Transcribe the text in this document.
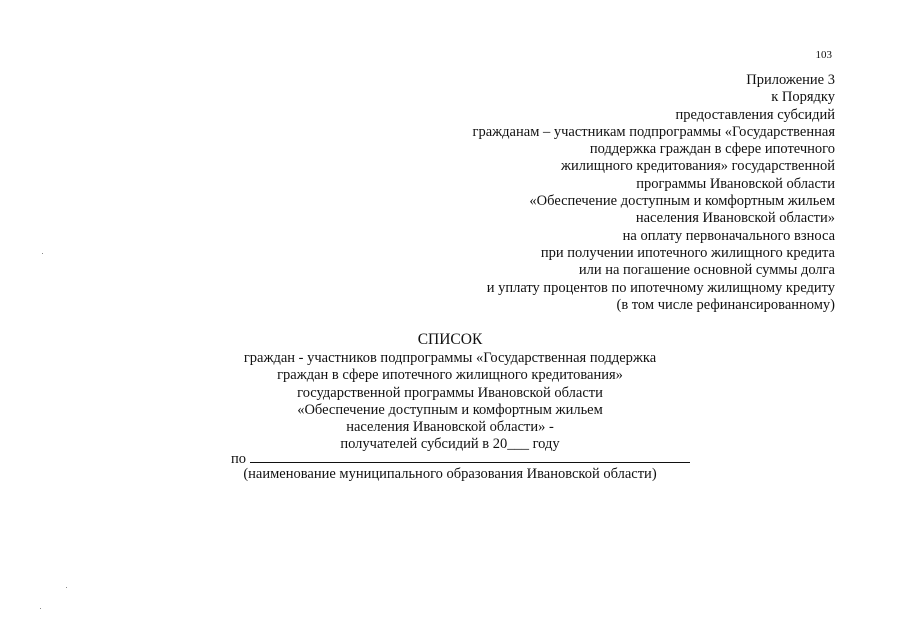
103
Приложение 3
к Порядку
предоставления субсидий
гражданам – участникам подпрограммы «Государственная
поддержка граждан в сфере ипотечного
жилищного кредитования» государственной
программы Ивановской области
«Обеспечение доступным и комфортным жильем
населения Ивановской области»
на оплату первоначального взноса
при получении ипотечного жилищного кредита
или на погашение основной суммы долга
и уплату процентов по ипотечному жилищному кредиту
(в том числе рефинансированному)
СПИСОК
граждан - участников подпрограммы «Государственная поддержка
граждан в сфере ипотечного жилищного кредитования»
государственной программы Ивановской области
«Обеспечение доступным и комфортным жильем
населения Ивановской области» -
получателей субсидий в 20___ году
по
(наименование муниципального образования Ивановской области)
